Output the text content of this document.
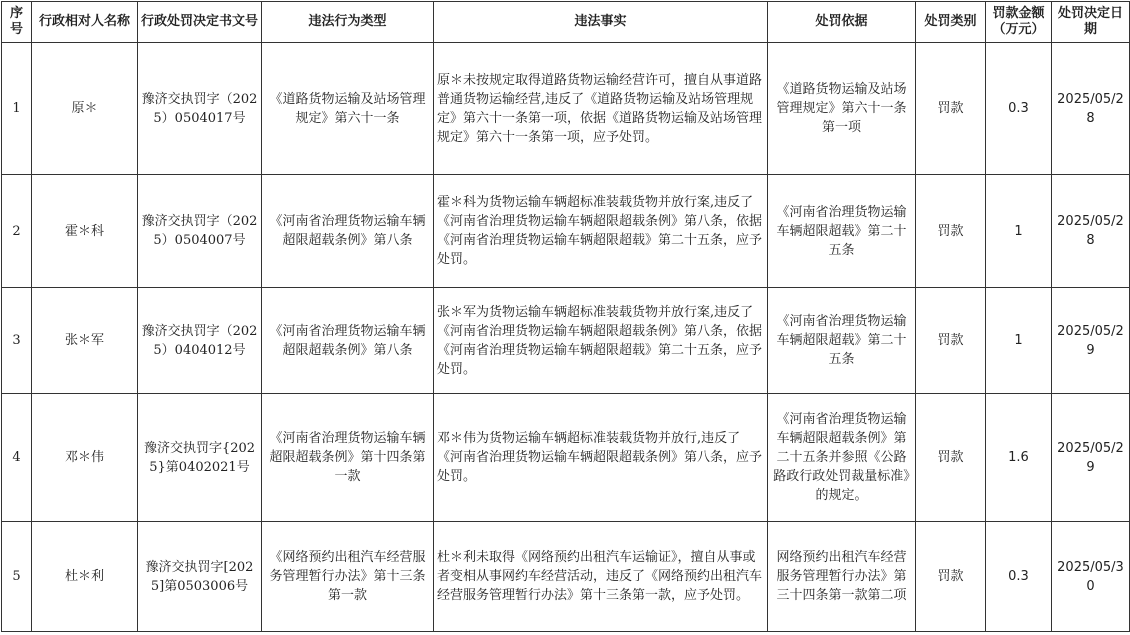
序号	行政相对人名称	行政处罚决定书文号	违法行为类型	违法事实	处罚依据	处罚类别	罚款金额（万元）	处罚决定日期
1	原＊	豫济交执罚字（2025）0504017号	《道路货物运输及站场管理规定》第六十一条	原＊未按规定取得道路货物运输经营许可，擅自从事道路普通货物运输经营,违反了《道路货物运输及站场管理规定》第六十一条第一项，依据《道路货物运输及站场管理规定》第六十一条第一项，应予处罚。	《道路货物运输及站场管理规定》第六十一条第一项	罚款	0.3	2025/05/28
2	霍＊科	豫济交执罚字（2025）0504007号	《河南省治理货物运输车辆超限超载条例》第八条	霍＊科为货物运输车辆超标准装载货物并放行案,违反了《河南省治理货物运输车辆超限超载条例》第八条，依据《河南省治理货物运输车辆超限超载》第二十五条，应予处罚。	《河南省治理货物运输车辆超限超载》第二十五条	罚款	1	2025/05/28
3	张＊军	豫济交执罚字（2025）0404012号	《河南省治理货物运输车辆超限超载条例》第八条	张＊军为货物运输车辆超标准装载货物并放行案,违反了《河南省治理货物运输车辆超限超载条例》第八条，依据《河南省治理货物运输车辆超限超载》第二十五条，应予处罚。	《河南省治理货物运输车辆超限超载》第二十五条	罚款	1	2025/05/29
4	邓＊伟	豫济交执罚字{2025}第0402021号	《河南省治理货物运输车辆超限超载条例》第十四条第一款	邓＊伟为货物运输车辆超标准装载货物并放行,违反了《河南省治理货物运输车辆超限超载条例》第八条，应予处罚。	《河南省治理货物运输车辆超限超载条例》第二十五条并参照《公路路政行政处罚裁量标准》的规定。	罚款	1.6	2025/05/29
5	杜＊利	豫济交执罚字[2025]第0503006号	《网络预约出租汽车经营服务管理暂行办法》第十三条第一款	杜＊利未取得《网络预约出租汽车运输证》，擅自从事或者变相从事网约车经营活动，违反了《网络预约出租汽车经营服务管理暂行办法》第十三条第一款，应予处罚。	网络预约出租汽车经营服务管理暂行办法》第三十四条第一款第二项	罚款	0.3	2025/05/30
